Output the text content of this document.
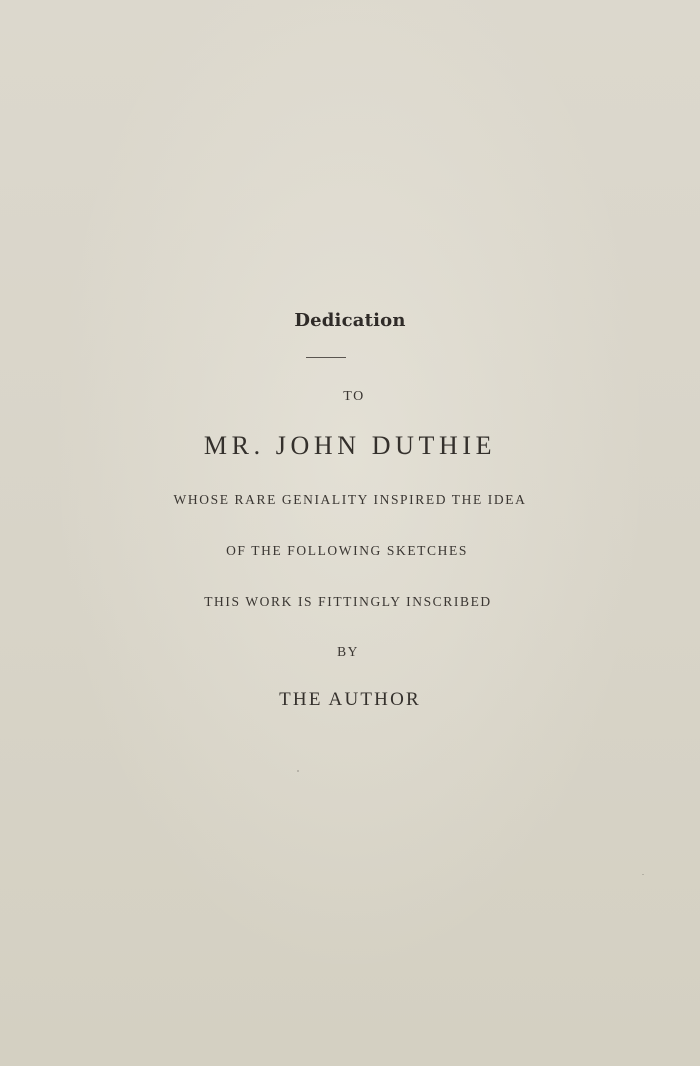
Dedication
TO
MR. JOHN DUTHIE
WHOSE RARE GENIALITY INSPIRED THE IDEA
OF THE FOLLOWING SKETCHES
THIS WORK IS FITTINGLY INSCRIBED
BY
THE AUTHOR
